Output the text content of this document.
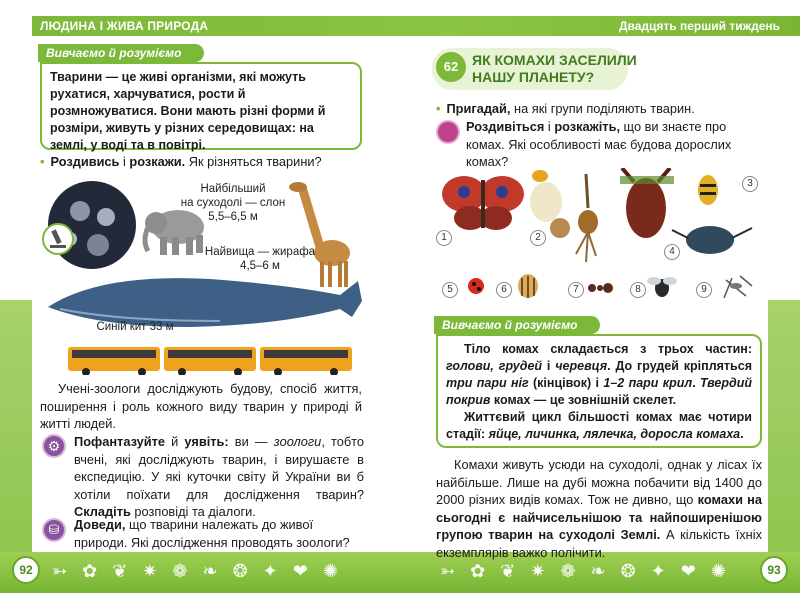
ЛЮДИНА І ЖИВА ПРИРОДА	Двадцять перший тиждень
92	93
➳ ✿ ❦ ✷ ❁ ❧ ❂ ✦ ❤ ✺	➳ ✿ ❦ ✷ ❁ ❧ ❂ ✦ ❤ ✺
Вивчаємо й розуміємо
Тварини — це живі організми, які можуть рухатися, харчуватися, рости й розмножуватися. Вони мають різні форми й розміри, живуть у різних середовищах: на землі, у воді та в повітрі.
• Роздивись і розкажи. Як різняться тварини?
Найбільший
на суходолі — слон
5,5–6,5 м
Найвища — жирафа
4,5–6 м
Синій кит 33 м
Учені-зоологи досліджують будову, спосіб життя, поширення і роль кожного виду тварин у природі й житті людей.
⚙	Пофантазуйте й уявіть: ви — зоологи, тобто вчені, які досліджують тварин, і вирушаєте в експедицію. У які куточки світу й України ви б хотіли поїхати для дослідження тварин? Складіть розповіді та діалоги.
⛁	Доведи, що тварини належать до живої природи. Які дослідження проводять зоологи?
62 ЯК КОМАХИ ЗАСЕЛИЛИ
НАШУ ПЛАНЕТУ?
• Пригадай, на які групи поділяють тварин.
Роздивіться і розкажіть, що ви знаєте про комах. Які особливості має будова дорослих комах?
1	2
3
4
5	6	7	8	9
Вивчаємо й розуміємо
Тіло комах складається з трьох частин: голови, грудей і черевця. До грудей кріпляться три пари ніг (кінцівок) і 1–2 пари крил. Твердий покрив комах — це зовнішній скелет.
Життєвий цикл більшості комах має чотири стадії: яйце, личинка, лялечка, доросла комаха.
Комахи живуть усюди на суходолі, однак у лісах їх найбільше. Лише на дубі можна побачити від 1400 до 2000 різних видів комах. Тож не дивно, що комахи на сьогодні є найчисельнішою та найпоширенішою групою тварин на суходолі Землі. А кількість їхніх екземплярів важко полічити.
